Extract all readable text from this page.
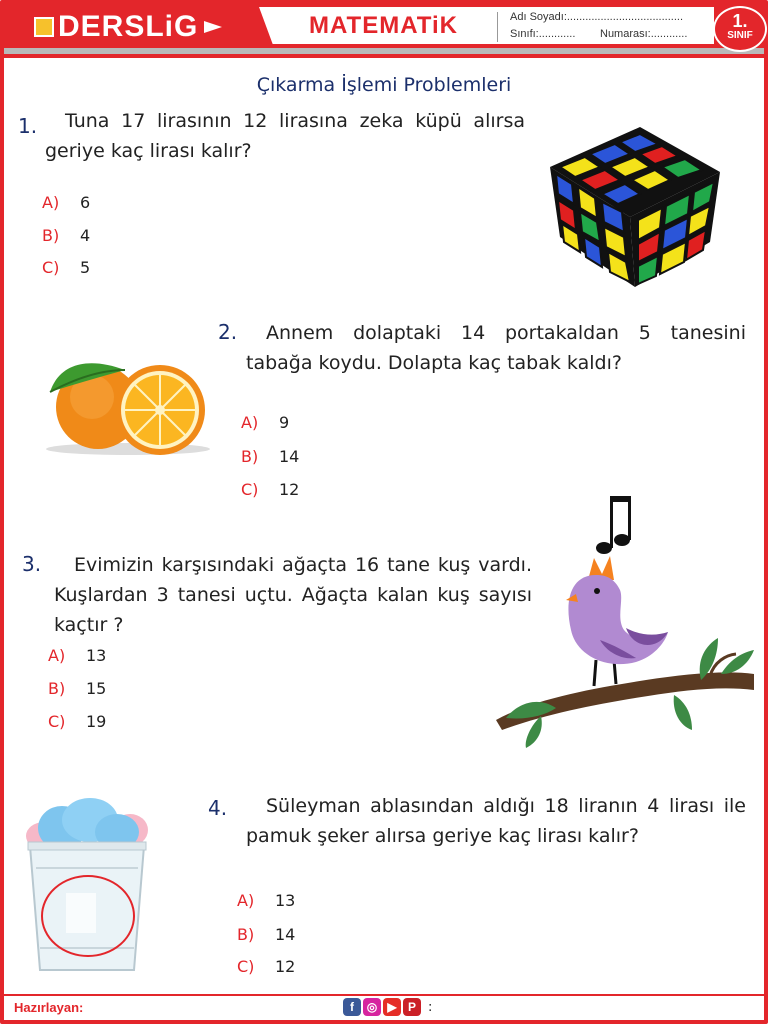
DERSLiG	MATEMATiK	Adı Soyadı:......................................
Sınıfı:............ Numarası:............
1.
SINIF
Çıkarma İşlemi Problemleri
1.	Tuna 17 lirasının 12 lirasına zeka küpü alırsa geriye kaç lirası kalır?
A) 6
B) 4
C) 5
2.	Annem dolaptaki 14 portakaldan 5 tanesini tabağa koydu. Dolapta kaç tabak kaldı?
A) 9
B) 14
C) 12
3.	Evimizin karşısındaki ağaçta 16 tane kuş vardı. Kuşlardan 3 tanesi uçtu. Ağaçta kalan kuş sayısı kaçtır ?
A) 13
B) 15
C) 19
4.	Süleyman ablasından aldığı 18 liranın 4 lirası ile pamuk şeker alırsa geriye kaç lirası kalır?
A) 13
B) 14
C) 12
Hazırlayan:	f	◎ ▶ P :
